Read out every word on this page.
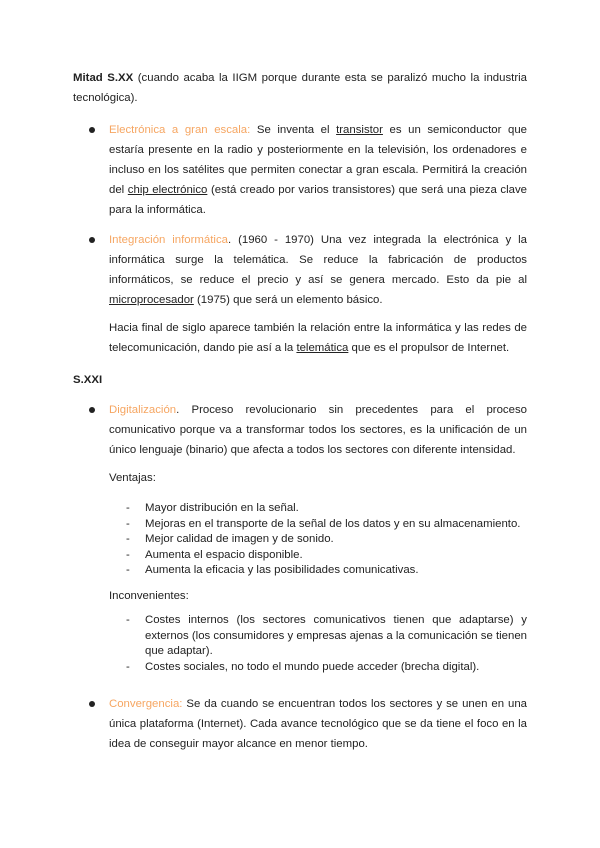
Mitad S.XX (cuando acaba la IIGM porque durante esta se paralizó mucho la industria tecnológica).
Electrónica a gran escala: Se inventa el transistor es un semiconductor que estaría presente en la radio y posteriormente en la televisión, los ordenadores e incluso en los satélites que permiten conectar a gran escala. Permitirá la creación del chip electrónico (está creado por varios transistores) que será una pieza clave para la informática.
Integración informática. (1960 - 1970) Una vez integrada la electrónica y la informática surge la telemática. Se reduce la fabricación de productos informáticos, se reduce el precio y así se genera mercado. Esto da pie al microprocesador (1975) que será un elemento básico.
Hacia final de siglo aparece también la relación entre la informática y las redes de telecomunicación, dando pie así a la telemática que es el propulsor de Internet.
S.XXI
Digitalización. Proceso revolucionario sin precedentes para el proceso comunicativo porque va a transformar todos los sectores, es la unificación de un único lenguaje (binario) que afecta a todos los sectores con diferente intensidad.
Ventajas:
- Mayor distribución en la señal.
- Mejoras en el transporte de la señal de los datos y en su almacenamiento.
- Mejor calidad de imagen y de sonido.
- Aumenta el espacio disponible.
- Aumenta la eficacia y las posibilidades comunicativas.
Inconvenientes:
- Costes internos (los sectores comunicativos tienen que adaptarse) y externos (los consumidores y empresas ajenas a la comunicación se tienen que adaptar).
- Costes sociales, no todo el mundo puede acceder (brecha digital).
Convergencia: Se da cuando se encuentran todos los sectores y se unen en una única plataforma (Internet). Cada avance tecnológico que se da tiene el foco en la idea de conseguir mayor alcance en menor tiempo.
